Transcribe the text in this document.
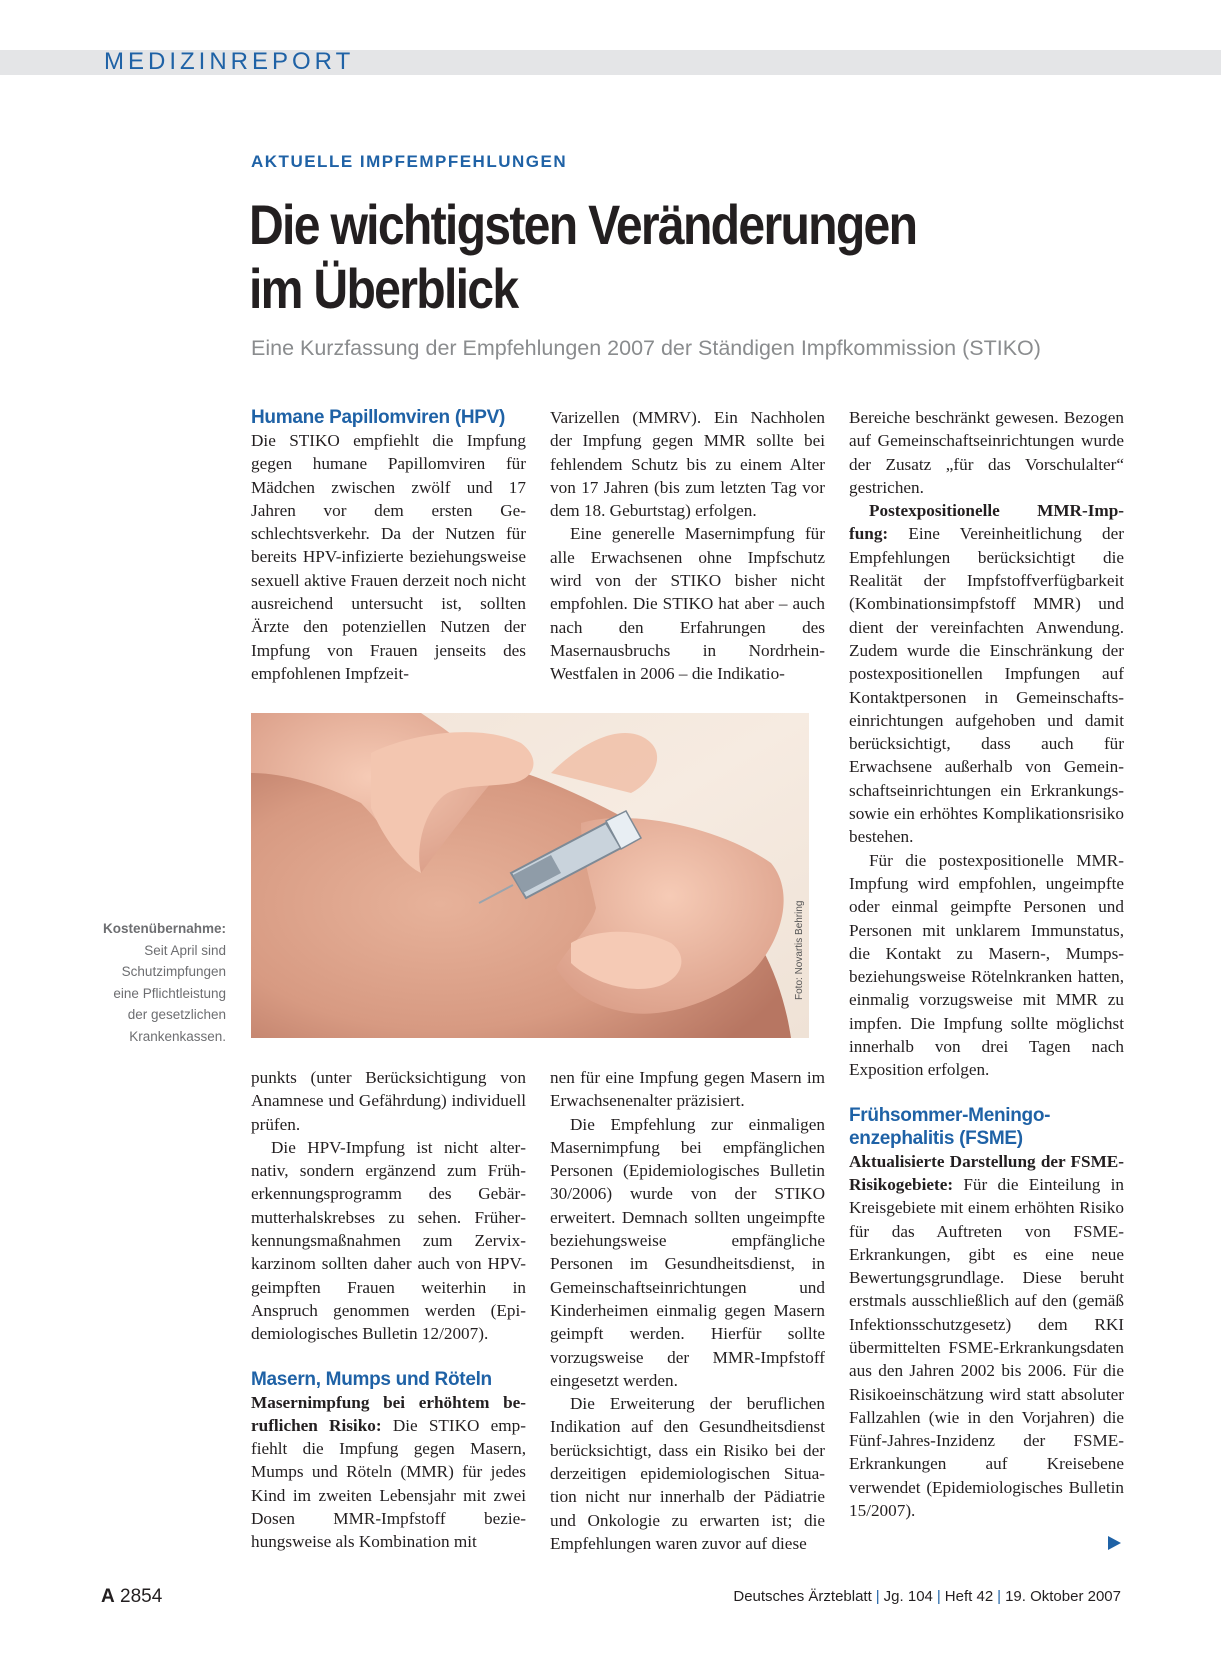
MEDIZINREPORT
AKTUELLE IMPFEMPFEHLUNGEN
Die wichtigsten Veränderungen
im Überblick
Eine Kurzfassung der Empfehlungen 2007 der Ständigen Impfkommission (STIKO)
Humane Papillomviren (HPV)

Die STIKO empfiehlt die Impfung gegen humane Papillomviren für Mädchen zwischen zwölf und 17 Jahren vor dem ersten Geschlechtsverkehr. Da der Nutzen für bereits HPV-infizierte beziehungsweise sexuell aktive Frauen derzeit noch nicht ausreichend untersucht ist, sollten Ärzte den potenziellen Nutzen der Impfung von Frauen jenseits des empfohlenen Impfzeit-

Varizellen (MMRV). Ein Nachholen der Impfung gegen MMR sollte bei fehlendem Schutz bis zu einem Alter von 17 Jahren (bis zum letzten Tag vor dem 18. Geburtstag) erfolgen.

Eine generelle Masernimpfung für alle Erwachsenen ohne Impfschutz wird von der STIKO bisher nicht empfohlen. Die STIKO hat aber – auch nach den Erfahrungen des Masernausbruchs in Nordrhein-Westfalen in 2006 – die Indikatio-

Foto: Novartis Behring
Kostenübernahme:
Seit April sind
Schutzimpfungen
eine Pflichtleistung
der gesetzlichen
Krankenkassen.

punkts (unter Berücksichtigung von Anamnese und Gefährdung) individuell prüfen.

Die HPV-Impfung ist nicht alternativ, sondern ergänzend zum Früherkennungsprogramm des Gebärmutterhalskrebses zu sehen. Früherkennungsmaßnahmen zum Zervixkarzinom sollten daher auch von HPV-geimpften Frauen weiterhin in Anspruch genommen werden (Epidemiologisches Bulletin 12/2007).

Masern, Mumps und Röteln

Masernimpfung bei erhöhtem beruflichen Risiko: Die STIKO empfiehlt die Impfung gegen Masern, Mumps und Röteln (MMR) für jedes Kind im zweiten Lebensjahr mit zwei Dosen MMR-Impfstoff beziehungsweise als Kombination mit

nen für eine Impfung gegen Masern im Erwachsenenalter präzisiert.

Die Empfehlung zur einmaligen Masernimpfung bei empfänglichen Personen (Epidemiologisches Bulletin 30/2006) wurde von der STIKO erweitert. Demnach sollten ungeimpfte beziehungsweise empfängliche Personen im Gesundheitsdienst, in Gemeinschaftseinrichtungen und Kinderheimen einmalig gegen Masern geimpft werden. Hierfür sollte vorzugsweise der MMR-Impfstoff eingesetzt werden.

Die Erweiterung der beruflichen Indikation auf den Gesundheitsdienst berücksichtigt, dass ein Risiko bei der derzeitigen epidemiologischen Situation nicht nur innerhalb der Pädiatrie und Onkologie zu erwarten ist; die Empfehlungen waren zuvor auf diese

Bereiche beschränkt gewesen. Bezogen auf Gemeinschaftseinrichtungen wurde der Zusatz „für das Vorschulalter“ gestrichen.

Postexpositionelle MMR-Impfung: Eine Vereinheitlichung der Empfehlungen berücksichtigt die Realität der Impfstoffverfügbarkeit (Kombinationsimpfstoff MMR) und dient der vereinfachten Anwendung. Zudem wurde die Einschränkung der postexpositionellen Impfungen auf Kontaktpersonen in Gemeinschaftseinrichtungen aufgehoben und damit berücksichtigt, dass auch für Erwachsene außerhalb von Gemeinschaftseinrichtungen ein Erkrankungs- sowie ein erhöhtes Komplikationsrisiko bestehen.

Für die postexpositionelle MMR-Impfung wird empfohlen, ungeimpfte oder einmal geimpfte Personen und Personen mit unklarem Immunstatus, die Kontakt zu Masern-, Mumps- beziehungsweise Rötelnkranken hatten, einmalig vorzugsweise mit MMR zu impfen. Die Impfung sollte möglichst innerhalb von drei Tagen nach Exposition erfolgen.

Frühsommer-Meningo-
enzephalitis (FSME)

Aktualisierte Darstellung der FSME-Risikogebiete: Für die Einteilung in Kreisgebiete mit einem erhöhten Risiko für das Auftreten von FSME-Erkrankungen, gibt es eine neue Bewertungsgrundlage. Diese beruht erstmals ausschließlich auf den (gemäß Infektionsschutzgesetz) dem RKI übermittelten FSME-Erkrankungsdaten aus den Jahren 2002 bis 2006. Für die Risikoeinschätzung wird statt absoluter Fallzahlen (wie in den Vorjahren) die Fünf-Jahres-Inzidenz der FSME-Erkrankungen auf Kreisebene verwendet (Epidemiologisches Bulletin 15/2007).

A 2854	Deutsches Ärzteblatt | Jg. 104 | Heft 42 | 19. Oktober 2007
